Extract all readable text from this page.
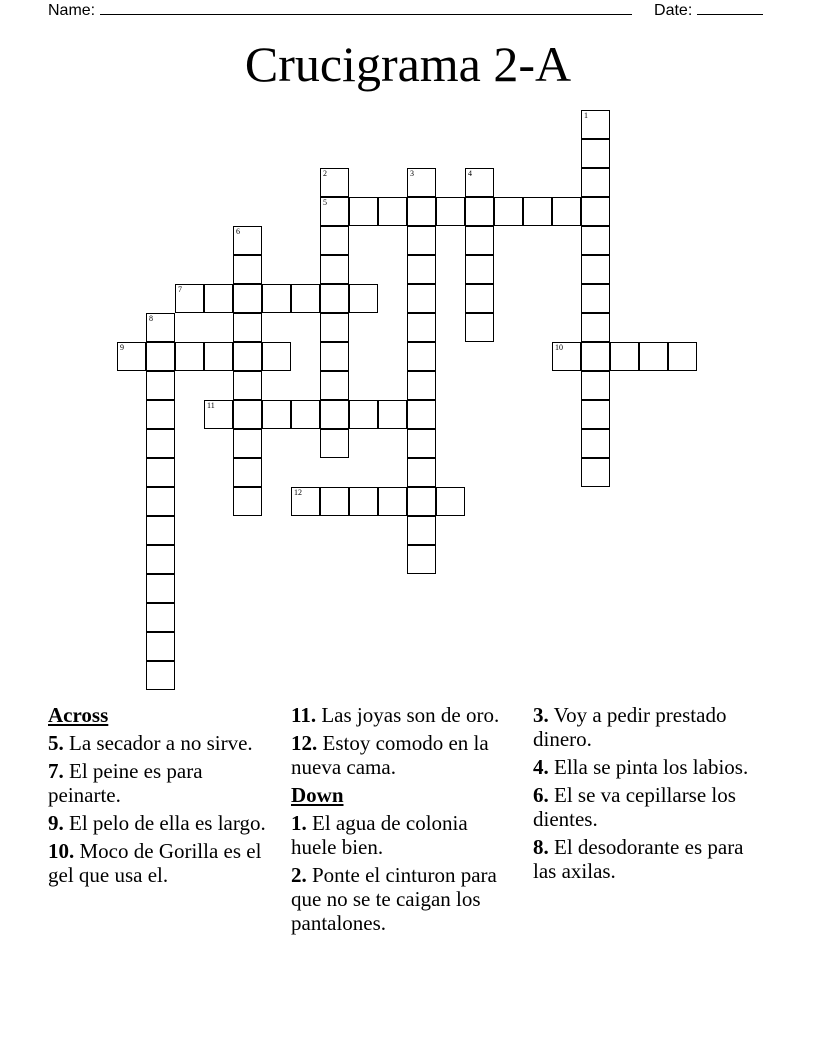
Name:	Date:
Crucigrama 2-A
1
2
5
3	4
6
7
8
9	10
11
12
Across
5. La secador a no sirve.
7. El peine es para peinarte.
9. El pelo de ella es largo.
10. Moco de Gorilla es el gel que usa el.
11. Las joyas son de oro.
12. Estoy comodo en la nueva cama.
Down
1. El agua de colonia huele bien.
2. Ponte el cinturon para que no se te caigan los pantalones.
3. Voy a pedir prestado dinero.
4. Ella se pinta los labios.
6. El se va cepillarse los dientes.
8. El desodorante es para las axilas.
